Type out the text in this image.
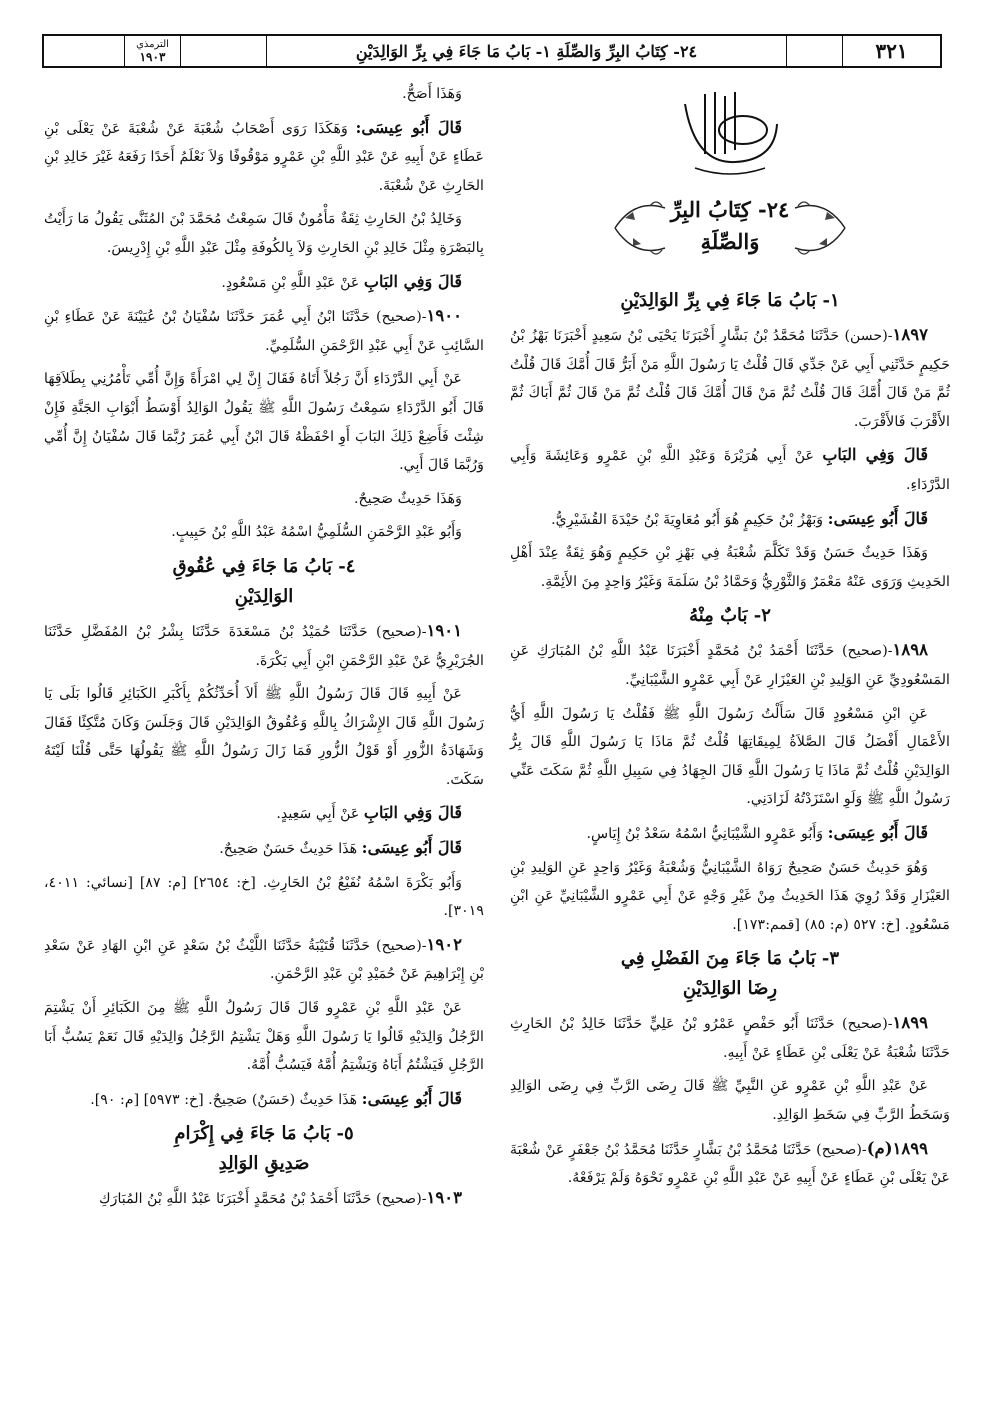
٣٢١
٢٤- كِتَابُ البِرِّ وَالصِّلَةِ ١- بَابُ مَا جَاءَ فِي بِرِّ الوَالِدَيْنِ
الترمذي
١٩٠٣
٢٤- كِتَابُ البِرِّ
وَالصِّلَةِ

١- بَابُ مَا جَاءَ فِي بِرِّ الوَالِدَيْنِ

١٨٩٧-(حسن) حَدَّثَنَا مُحَمَّدُ بْنُ بَشَّارٍ أَخْبَرَنَا يَحْيَى بْنُ سَعِيدٍ أَخْبَرَنَا بَهْزُ بْنُ حَكِيمٍ حَدَّثَنِي أَبِي عَنْ جَدِّي قَالَ قُلْتُ يَا رَسُولَ اللَّهِ مَنْ أَبَرُّ قَالَ أُمَّكَ قَالَ قُلْتُ ثُمَّ مَنْ قَالَ أُمَّكَ قَالَ قُلْتُ ثُمَّ مَنْ قَالَ أُمَّكَ قَالَ قُلْتُ ثُمَّ مَنْ قَالَ ثُمَّ أَبَاكَ ثُمَّ الأَقْرَبَ فَالأَقْرَبَ.

قَالَ وَفِي البَابِ عَنْ أَبِي هُرَيْرَةَ وَعَبْدِ اللَّهِ بْنِ عَمْرٍو وَعَائِشَةَ وَأَبِي الدَّرْدَاءِ.

قَالَ أَبُو عِيسَى: وَبَهْزُ بْنُ حَكِيمٍ هُوَ أَبُو مُعَاوِيَةَ بْنُ حَيْدَةَ القُشَيْرِيُّ.

وَهَذَا حَدِيثٌ حَسَنٌ وَقَدْ تَكَلَّمَ شُعْبَةُ فِي بَهْزِ بْنِ حَكِيمٍ وَهُوَ ثِقَةٌ عِنْدَ أَهْلِ الحَدِيثِ وَرَوَى عَنْهُ مَعْمَرٌ وَالثَّوْرِيُّ وَحَمَّادُ بْنُ سَلَمَةَ وَغَيْرُ وَاحِدٍ مِنَ الأَئِمَّةِ.

٢- بَابٌ مِنْهُ

١٨٩٨-(صحيح) حَدَّثَنَا أَحْمَدُ بْنُ مُحَمَّدٍ أَخْبَرَنَا عَبْدُ اللَّهِ بْنُ المُبَارَكِ عَنِ المَسْعُودِيِّ عَنِ الوَلِيدِ بْنِ العَيْزَارِ عَنْ أَبِي عَمْرٍو الشَّيْبَانِيِّ.

عَنِ ابْنِ مَسْعُودٍ قَالَ سَأَلْتُ رَسُولَ اللَّهِ ﷺ فَقُلْتُ يَا رَسُولَ اللَّهِ أَيُّ الأَعْمَالِ أَفْضَلُ قَالَ الصَّلاَةُ لِمِيقَاتِهَا قُلْتُ ثُمَّ مَاذَا يَا رَسُولَ اللَّهِ قَالَ بِرُّ الوَالِدَيْنِ قُلْتُ ثُمَّ مَاذَا يَا رَسُولَ اللَّهِ قَالَ الجِهَادُ فِي سَبِيلِ اللَّهِ ثُمَّ سَكَتَ عَنِّي رَسُولُ اللَّهِ ﷺ وَلَوِ اسْتَزَدْتُهُ لَزَادَنِي.

قَالَ أَبُو عِيسَى: وَأَبُو عَمْرٍو الشَّيْبَانِيُّ اسْمُهُ سَعْدُ بْنُ إِيَاسٍ.

وَهُوَ حَدِيثٌ حَسَنٌ صَحِيحٌ رَوَاهُ الشَّيْبَانِيُّ وَشُعْبَةُ وَغَيْرُ وَاحِدٍ عَنِ الوَلِيدِ بْنِ العَيْزَارِ وَقَدْ رُوِيَ هَذَا الحَدِيثُ مِنْ غَيْرِ وَجْهٍ عَنْ أَبِي عَمْرٍو الشَّيْبَانِيِّ عَنِ ابْنِ مَسْعُودٍ. [خ: ٥٢٧ (م: ٨٥) [قمم:١٧٣].

٣- بَابُ مَا جَاءَ مِنَ الفَضْلِ فِي
رِضَا الوَالِدَيْنِ

١٨٩٩-(صحيح) حَدَّثَنَا أَبُو حَفْصٍ عَمْرُو بْنُ عَلِيٍّ حَدَّثَنَا خَالِدُ بْنُ الحَارِثِ حَدَّثَنَا شُعْبَةُ عَنْ يَعْلَى بْنِ عَطَاءٍ عَنْ أَبِيهِ.

عَنْ عَبْدِ اللَّهِ بْنِ عَمْرٍو عَنِ النَّبِيِّ ﷺ قَالَ رِضَى الرَّبِّ فِي رِضَى الوَالِدِ وَسَخَطُ الرَّبِّ فِي سَخَطِ الوَالِدِ.

١٨٩٩(م)-(صحيح) حَدَّثَنَا مُحَمَّدُ بْنُ بَشَّارٍ حَدَّثَنَا مُحَمَّدُ بْنُ جَعْفَرٍ عَنْ شُعْبَةَ عَنْ يَعْلَى بْنِ عَطَاءٍ عَنْ أَبِيهِ عَنْ عَبْدِ اللَّهِ بْنِ عَمْرٍو نَحْوَهُ وَلَمْ يَرْفَعْهُ.

وَهَذَا أَصَحُّ.

قَالَ أَبُو عِيسَى: وَهَكَذَا رَوَى أَصْحَابُ شُعْبَةَ عَنْ شُعْبَةَ عَنْ يَعْلَى بْنِ عَطَاءٍ عَنْ أَبِيهِ عَنْ عَبْدِ اللَّهِ بْنِ عَمْرٍو مَوْقُوفًا وَلاَ نَعْلَمُ أَحَدًا رَفَعَهُ غَيْرَ خَالِدِ بْنِ الحَارِثِ عَنْ شُعْبَةَ.

وَخَالِدُ بْنُ الحَارِثِ ثِقَةٌ مَأْمُونٌ قَالَ سَمِعْتُ مُحَمَّدَ بْنَ المُثَنَّى يَقُولُ مَا رَأَيْتُ بِالبَصْرَةِ مِثْلَ خَالِدِ بْنِ الحَارِثِ وَلاَ بِالكُوفَةِ مِثْلَ عَبْدِ اللَّهِ بْنِ إِدْرِيسَ.

قَالَ وَفِي البَابِ عَنْ عَبْدِ اللَّهِ بْنِ مَسْعُودٍ.

١٩٠٠-(صحيح) حَدَّثَنَا ابْنُ أَبِي عُمَرَ حَدَّثَنَا سُفْيَانُ بْنُ عُيَيْنَةَ عَنْ عَطَاءِ بْنِ السَّائِبِ عَنْ أَبِي عَبْدِ الرَّحْمَنِ السُّلَمِيِّ.

عَنْ أَبِي الدَّرْدَاءِ أَنَّ رَجُلاً أَتَاهُ فَقَالَ إِنَّ لِي امْرَأَةً وَإِنَّ أُمِّي تَأْمُرُنِي بِطَلاَقِهَا قَالَ أَبُو الدَّرْدَاءِ سَمِعْتُ رَسُولَ اللَّهِ ﷺ يَقُولُ الوَالِدُ أَوْسَطُ أَبْوَابِ الجَنَّةِ فَإِنْ شِئْتَ فَأَضِعْ ذَلِكَ البَابَ أَوِ احْفَظْهُ قَالَ ابْنُ أَبِي عُمَرَ رُبَّمَا قَالَ سُفْيَانُ إِنَّ أُمِّي وَرُبَّمَا قَالَ أَبِي.

وَهَذَا حَدِيثٌ صَحِيحٌ.

وَأَبُو عَبْدِ الرَّحْمَنِ السُّلَمِيُّ اسْمُهُ عَبْدُ اللَّهِ بْنُ حَبِيبٍ.

٤- بَابُ مَا جَاءَ فِي عُقُوقِ
الوَالِدَيْنِ

١٩٠١-(صحيح) حَدَّثَنَا حُمَيْدُ بْنُ مَسْعَدَةَ حَدَّثَنَا بِشْرُ بْنُ المُفَضَّلِ حَدَّثَنَا الجُرَيْرِيُّ عَنْ عَبْدِ الرَّحْمَنِ ابْنِ أَبِي بَكْرَةَ.

عَنْ أَبِيهِ قَالَ قَالَ رَسُولُ اللَّهِ ﷺ أَلاَ أُحَدِّثُكُمْ بِأَكْبَرِ الكَبَائِرِ قَالُوا بَلَى يَا رَسُولَ اللَّهِ قَالَ الإِشْرَاكُ بِاللَّهِ وَعُقُوقُ الوَالِدَيْنِ قَالَ وَجَلَسَ وَكَانَ مُتَّكِئًا فَقَالَ وَشَهَادَةُ الزُّورِ أَوْ قَوْلُ الزُّورِ فَمَا زَالَ رَسُولُ اللَّهِ ﷺ يَقُولُهَا حَتَّى قُلْنَا لَيْتَهُ سَكَتَ.

قَالَ وَفِي البَابِ عَنْ أَبِي سَعِيدٍ.

قَالَ أَبُو عِيسَى: هَذَا حَدِيثٌ حَسَنٌ صَحِيحٌ.

وَأَبُو بَكْرَةَ اسْمُهُ نُفَيْعُ بْنُ الحَارِثِ. [خ: ٢٦٥٤] [م: ٨٧] [نسائي: ٤٠١١، ٣٠١٩].

١٩٠٢-(صحيح) حَدَّثَنَا قُتَيْبَةُ حَدَّثَنَا اللَّيْثُ بْنُ سَعْدٍ عَنِ ابْنِ الهَادِ عَنْ سَعْدِ بْنِ إِبْرَاهِيمَ عَنْ حُمَيْدِ بْنِ عَبْدِ الرَّحْمَنِ.

عَنْ عَبْدِ اللَّهِ بْنِ عَمْرٍو قَالَ قَالَ رَسُولُ اللَّهِ ﷺ مِنَ الكَبَائِرِ أَنْ يَشْتِمَ الرَّجُلُ وَالِدَيْهِ قَالُوا يَا رَسُولَ اللَّهِ وَهَلْ يَشْتِمُ الرَّجُلُ وَالِدَيْهِ قَالَ نَعَمْ يَسُبُّ أَبَا الرَّجُلِ فَيَشْتُمُ أَبَاهُ وَيَشْتِمُ أُمَّهُ فَيَسُبُّ أُمَّهُ.

قَالَ أَبُو عِيسَى: هَذَا حَدِيثٌ (حَسَنٌ) صَحِيحٌ. [خ: ٥٩٧٣] [م: ٩٠].

٥- بَابُ مَا جَاءَ فِي إِكْرَامِ
صَدِيقِ الوَالِدِ

١٩٠٣-(صحيح) حَدَّثَنَا أَحْمَدُ بْنُ مُحَمَّدٍ أَخْبَرَنَا عَبْدُ اللَّهِ بْنُ المُبَارَكِ
